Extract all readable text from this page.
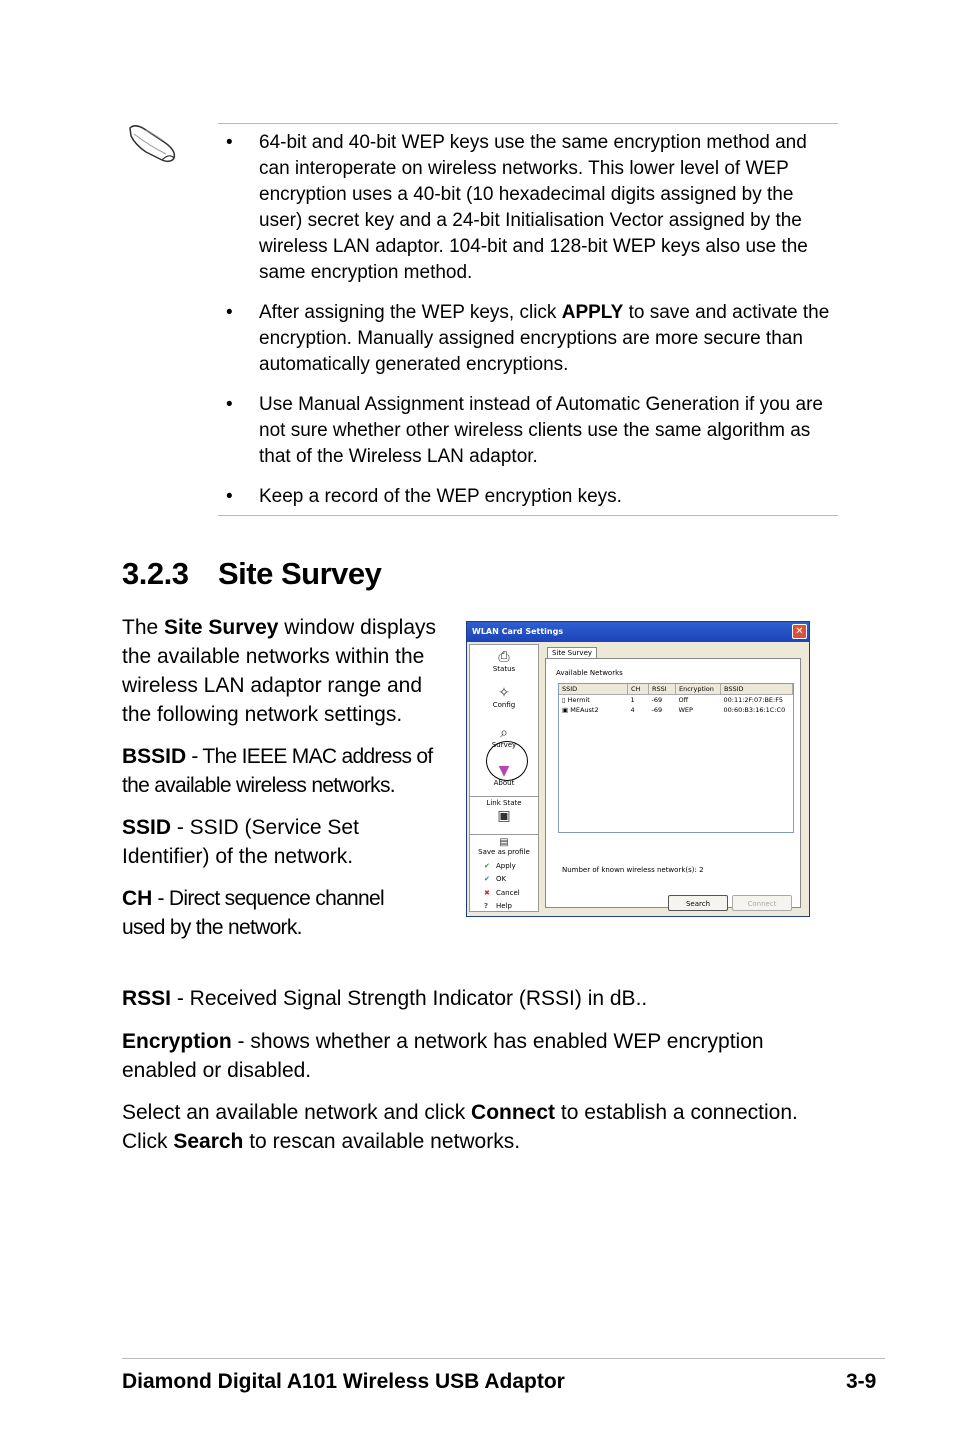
• 64-bit and 40-bit WEP keys use the same encryption method and can interoperate on wireless networks. This lower level of WEP encryption uses a 40-bit (10 hexadecimal digits assigned by the user) secret key and a 24-bit Initialisation Vector assigned by the wireless LAN adaptor. 104-bit and 128-bit WEP keys also use the same encryption method.
• After assigning the WEP keys, click APPLY to save and activate the encryption. Manually assigned encryptions are more secure than automatically generated encryptions.
• Use Manual Assignment instead of Automatic Generation if you are not sure whether other wireless clients use the same algorithm as that of the Wireless LAN adaptor.
• Keep a record of the WEP encryption keys.
3.2.3 Site Survey

The Site Survey window displays the available networks within the wireless LAN adaptor range and the following network settings.

BSSID - The IEEE MAC address of the available wireless networks.

SSID - SSID (Service Set Identifier) of the network.

CH - Direct sequence channel used by the network.

RSSI - Received Signal Strength Indicator (RSSI) in dB..

Encryption - shows whether a network has enabled WEP encryption enabled or disabled.

Select an available network and click Connect to establish a connection. Click Search to rescan available networks.

WLAN Card Settings	✕
⎙
Status
✧
Config
⌕
Survey
▼
About
Link State
▣
▤
Save as profile
✔ Apply
✔ OK
✖ Cancel
? Help
Site Survey
Available Networks
SSID	CH	RSSI	Encryption	BSSID
▯ Hermit	1	-69	Off	00:11:2F:07:BE:F5
▣ MEAust2	4	-69	WEP	00:60:B3:16:1C:C0
Number of known wireless network(s): 2
Search	Connect
Diamond Digital A101 Wireless USB Adaptor	3-9
